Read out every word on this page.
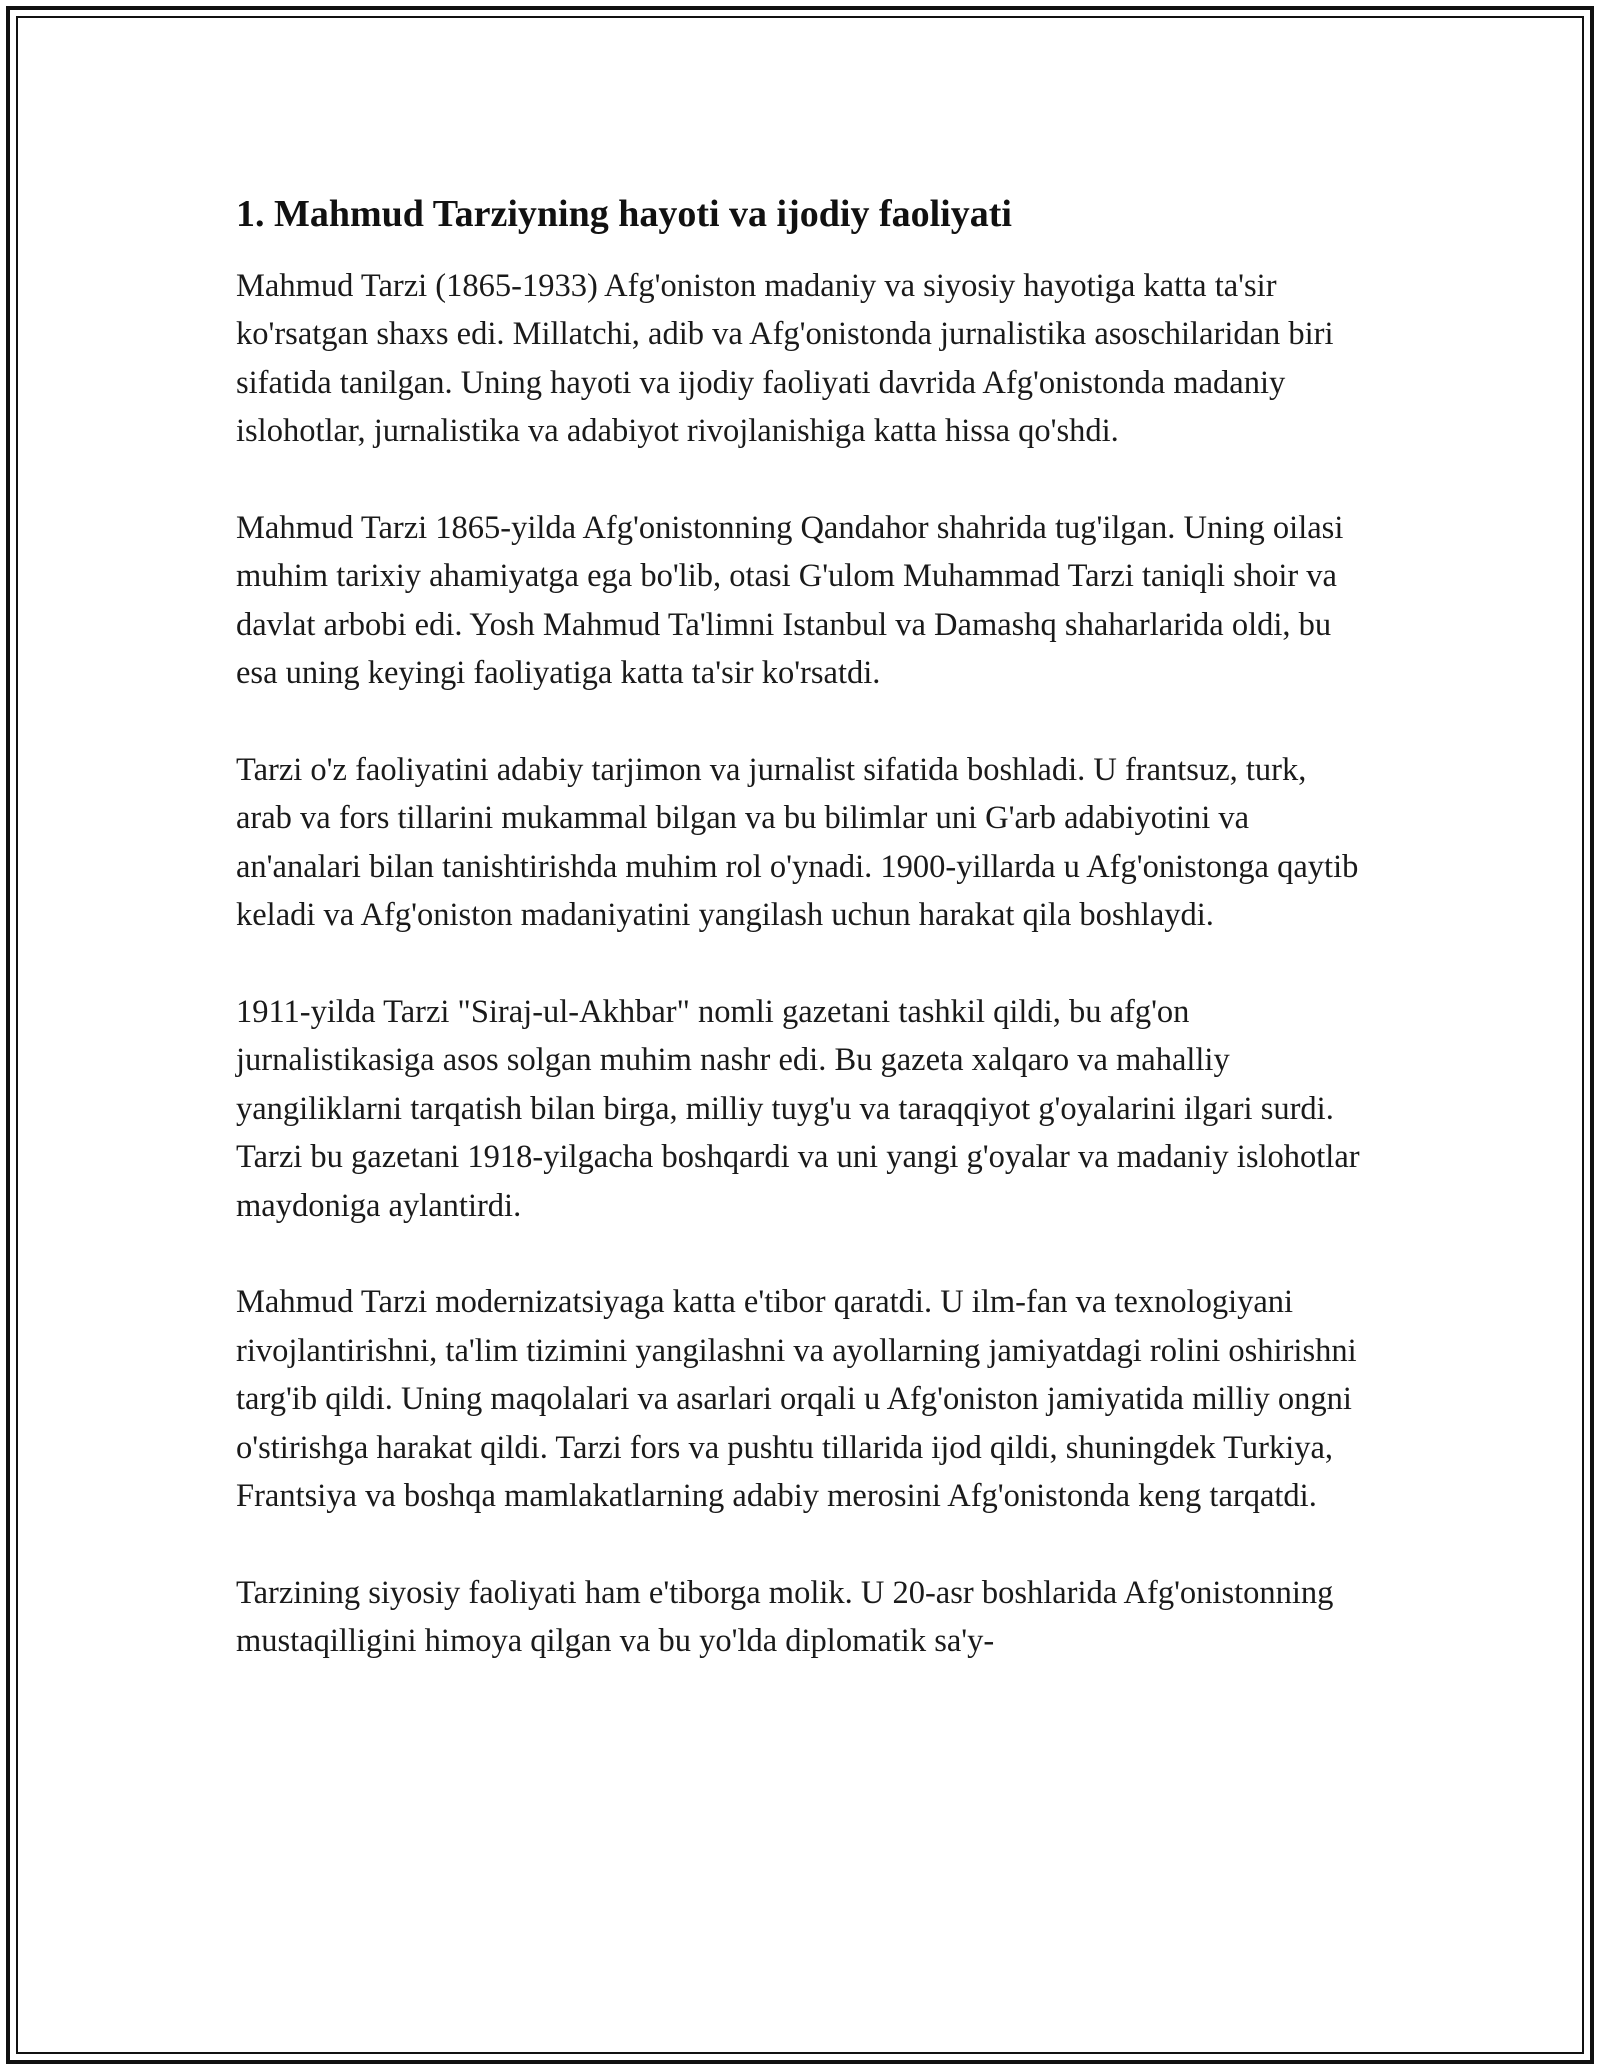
1. Mahmud Tarziyning hayoti va ijodiy faoliyati

Mahmud Tarzi (1865-1933) Afg'oniston madaniy va siyosiy hayotiga katta ta'sir ko'rsatgan shaxs edi. Millatchi, adib va Afg'onistonda jurnalistika asoschilaridan biri sifatida tanilgan. Uning hayoti va ijodiy faoliyati davrida Afg'onistonda madaniy islohotlar, jurnalistika va adabiyot rivojlanishiga katta hissa qo'shdi.

Mahmud Tarzi 1865-yilda Afg'onistonning Qandahor shahrida tug'ilgan. Uning oilasi muhim tarixiy ahamiyatga ega bo'lib, otasi G'ulom Muhammad Tarzi taniqli shoir va davlat arbobi edi. Yosh Mahmud Ta'limni Istanbul va Damashq shaharlarida oldi, bu esa uning keyingi faoliyatiga katta ta'sir ko'rsatdi.

Tarzi o'z faoliyatini adabiy tarjimon va jurnalist sifatida boshladi. U frantsuz, turk, arab va fors tillarini mukammal bilgan va bu bilimlar uni G'arb adabiyotini va an'analari bilan tanishtirishda muhim rol o'ynadi. 1900-yillarda u Afg'onistonga qaytib keladi va Afg'oniston madaniyatini yangilash uchun harakat qila boshlaydi.

1911-yilda Tarzi "Siraj-ul-Akhbar" nomli gazetani tashkil qildi, bu afg'on jurnalistikasiga asos solgan muhim nashr edi. Bu gazeta xalqaro va mahalliy yangiliklarni tarqatish bilan birga, milliy tuyg'u va taraqqiyot g'oyalarini ilgari surdi. Tarzi bu gazetani 1918-yilgacha boshqardi va uni yangi g'oyalar va madaniy islohotlar maydoniga aylantirdi.

Mahmud Tarzi modernizatsiyaga katta e'tibor qaratdi. U ilm-fan va texnologiyani rivojlantirishni, ta'lim tizimini yangilashni va ayollarning jamiyatdagi rolini oshirishni targ'ib qildi. Uning maqolalari va asarlari orqali u Afg'oniston jamiyatida milliy ongni o'stirishga harakat qildi. Tarzi fors va pushtu tillarida ijod qildi, shuningdek Turkiya, Frantsiya va boshqa mamlakatlarning adabiy merosini Afg'onistonda keng tarqatdi.

Tarzining siyosiy faoliyati ham e'tiborga molik. U 20-asr boshlarida Afg'onistonning mustaqilligini himoya qilgan va bu yo'lda diplomatik sa'y-
